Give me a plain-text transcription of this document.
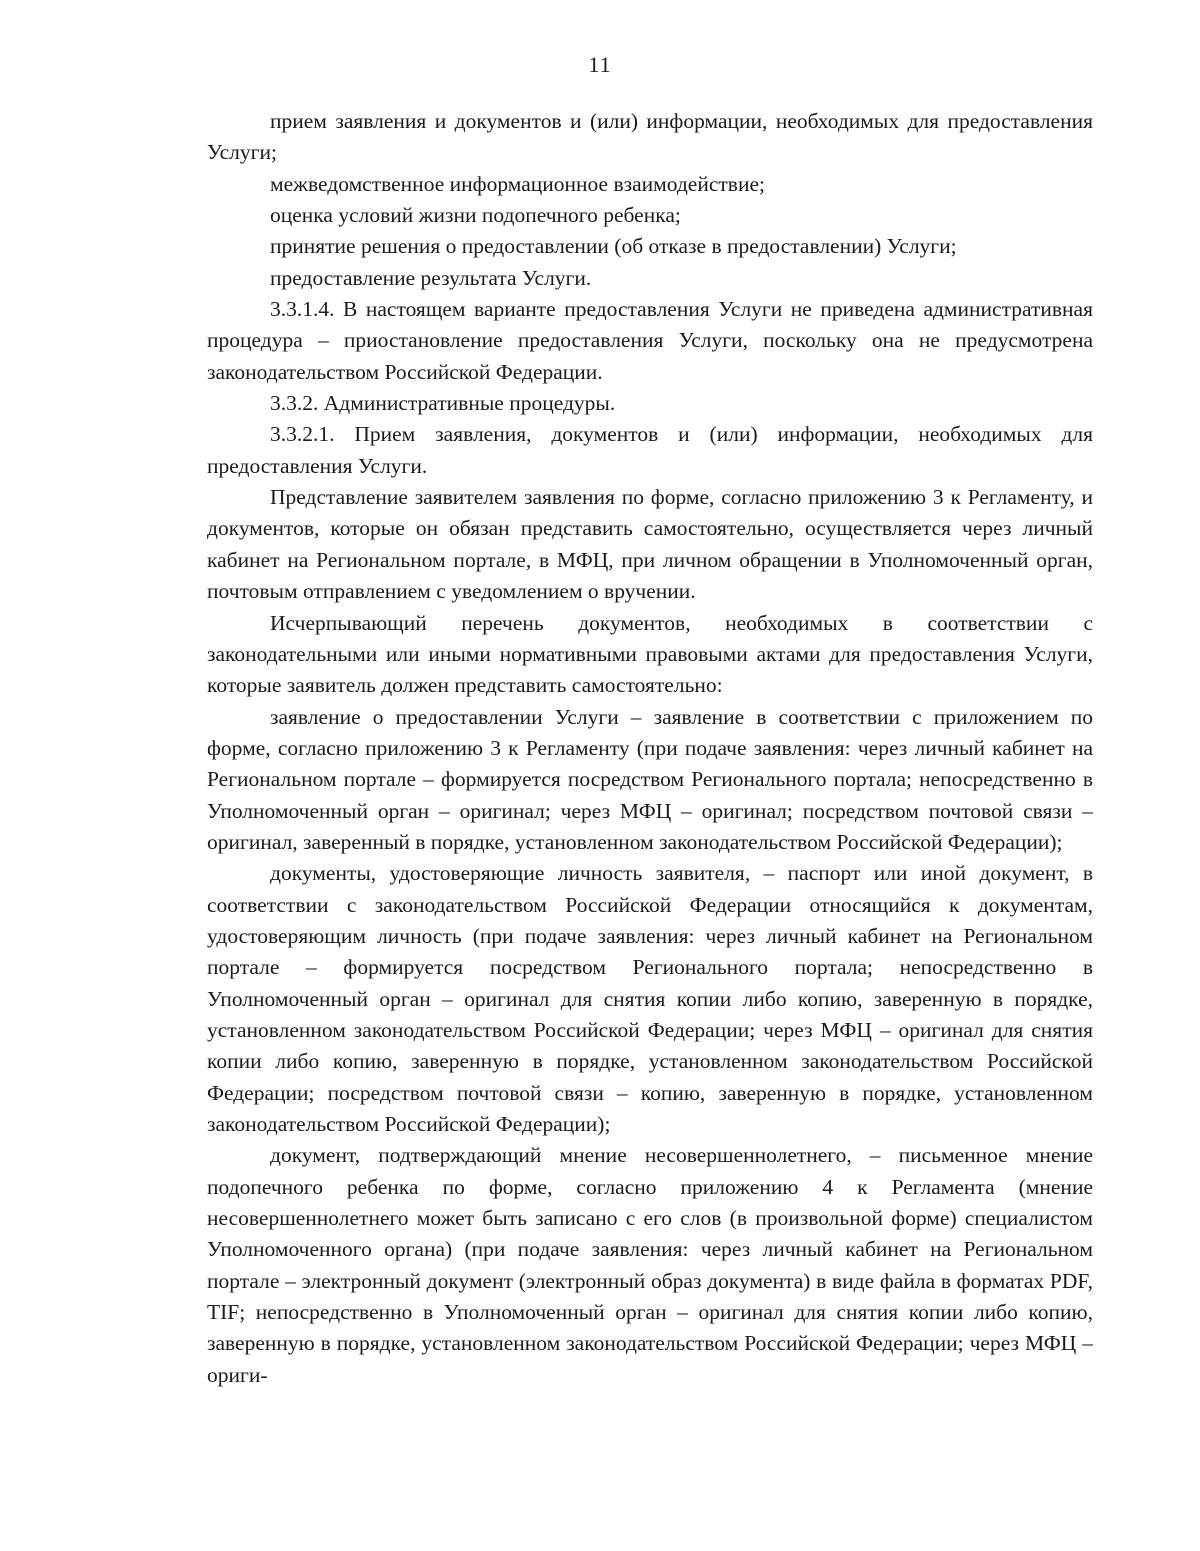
11

прием заявления и документов и (или) информации, необходимых для предоставления Услуги;

межведомственное информационное взаимодействие;

оценка условий жизни подопечного ребенка;

принятие решения о предоставлении (об отказе в предоставлении) Услуги;

предоставление результата Услуги.

3.3.1.4. В настоящем варианте предоставления Услуги не приведена административная процедура – приостановление предоставления Услуги, поскольку она не предусмотрена законодательством Российской Федерации.

3.3.2. Административные процедуры.

3.3.2.1. Прием заявления, документов и (или) информации, необходимых для предоставления Услуги.

Представление заявителем заявления по форме, согласно приложению 3 к Регламенту, и документов, которые он обязан представить самостоятельно, осуществляется через личный кабинет на Региональном портале, в МФЦ, при личном обращении в Уполномоченный орган, почтовым отправлением с уведомлением о вручении.

Исчерпывающий перечень документов, необходимых в соответствии с законодательными или иными нормативными правовыми актами для предоставления Услуги, которые заявитель должен представить самостоятельно:

заявление о предоставлении Услуги – заявление в соответствии с приложением по форме, согласно приложению 3 к Регламенту (при подаче заявления: через личный кабинет на Региональном портале – формируется посредством Регионального портала; непосредственно в Уполномоченный орган – оригинал; через МФЦ – оригинал; посредством почтовой связи – оригинал, заверенный в порядке, установленном законодательством Российской Федерации);

документы, удостоверяющие личность заявителя, – паспорт или иной документ, в соответствии с законодательством Российской Федерации относящийся к документам, удостоверяющим личность (при подаче заявления: через личный кабинет на Региональном портале – формируется посредством Регионального портала; непосредственно в Уполномоченный орган – оригинал для снятия копии либо копию, заверенную в порядке, установленном законодательством Российской Федерации; через МФЦ – оригинал для снятия копии либо копию, заверенную в порядке, установленном законодательством Российской Федерации; посредством почтовой связи – копию, заверенную в порядке, установленном законодательством Российской Федерации);

документ, подтверждающий мнение несовершеннолетнего, – письменное мнение подопечного ребенка по форме, согласно приложению 4 к Регламента (мнение несовершеннолетнего может быть записано с его слов (в произвольной форме) специалистом Уполномоченного органа) (при подаче заявления: через личный кабинет на Региональном портале – электронный документ (электронный образ документа) в виде файла в форматах PDF, TIF; непосредственно в Уполномоченный орган – оригинал для снятия копии либо копию, заверенную в порядке, установленном законодательством Российской Федерации; через МФЦ – ориги-
